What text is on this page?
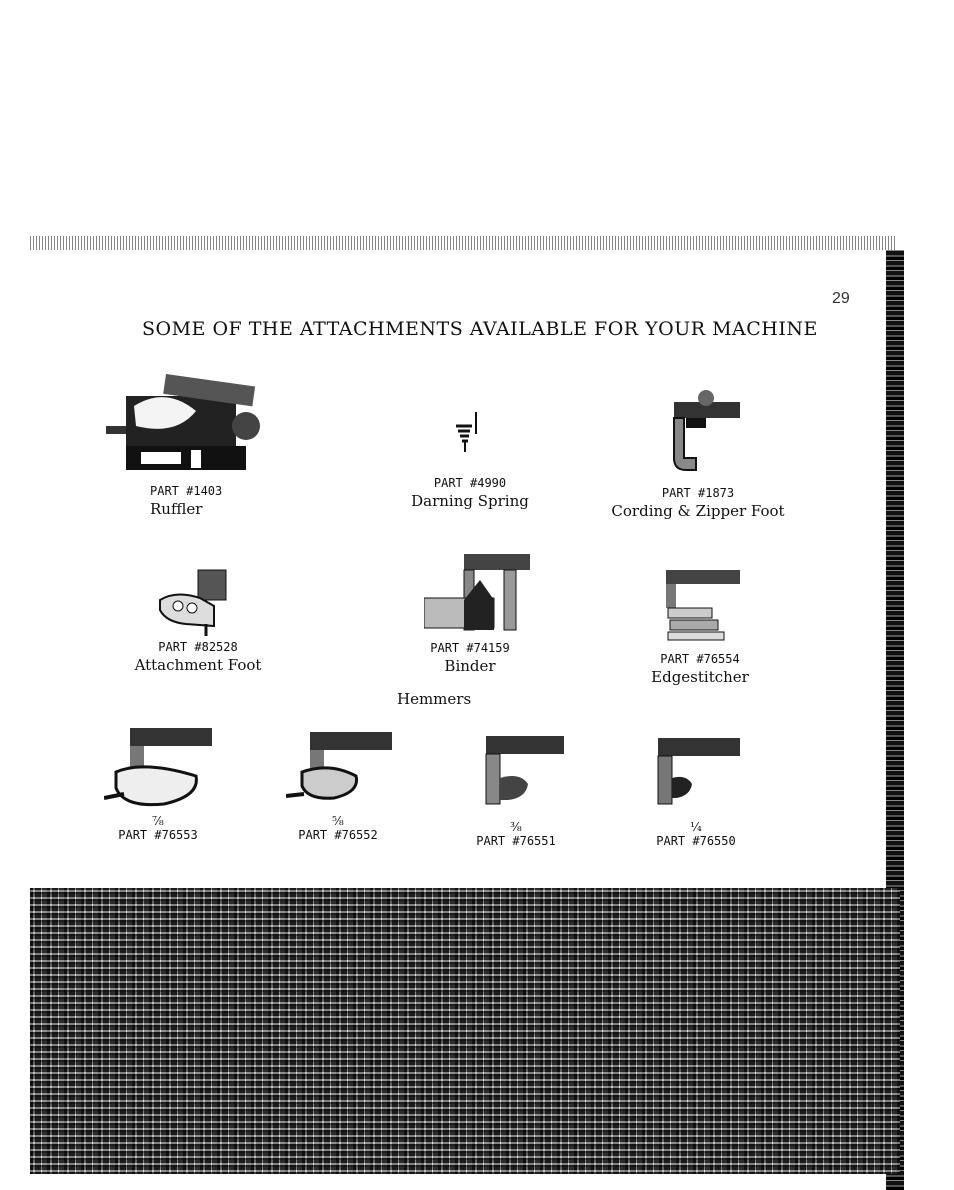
29
SOME OF THE ATTACHMENTS AVAILABLE FOR YOUR MACHINE
PART #1403
Ruffler
PART #4990
Darning Spring	PART #1873
Cording & Zipper Foot
PART #82528
Attachment Foot
PART #74159
Binder	PART #76554
Edgestitcher
Hemmers
⅞
PART #76553
⅝
PART #76552
⅜
PART #76551
¼
PART #76550
